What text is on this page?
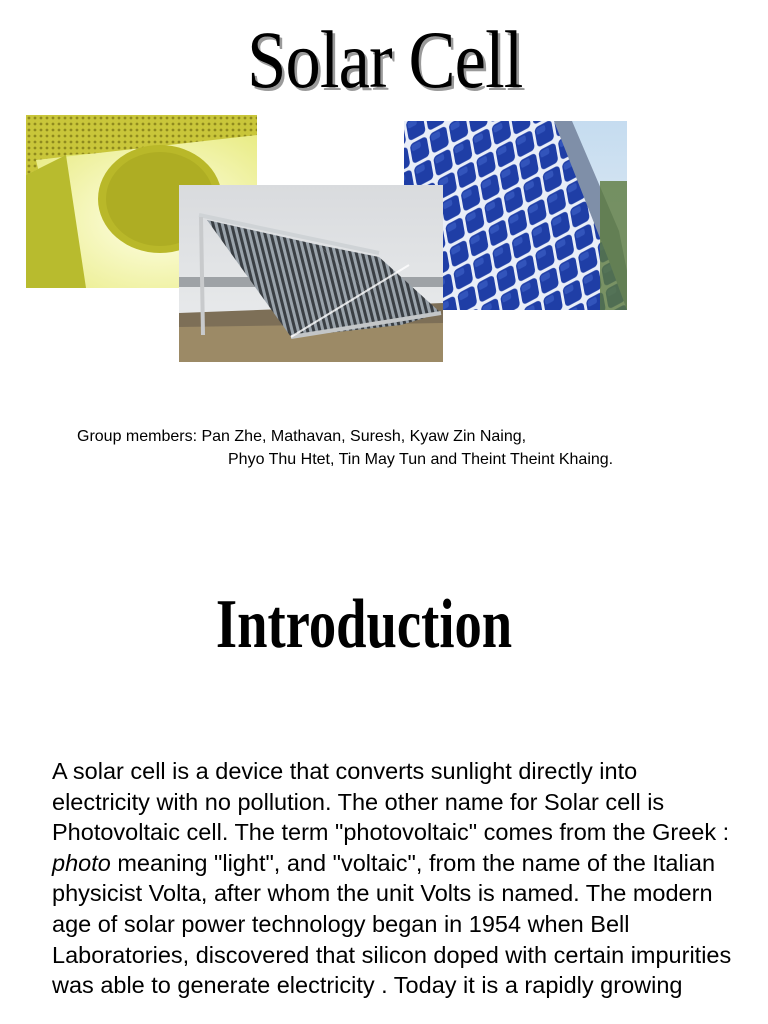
Solar Cell
Group members: Pan Zhe, Mathavan, Suresh, Kyaw Zin Naing,
Phyo Thu Htet, Tin May Tun and Theint Theint Khaing.
Introduction
A solar cell is a device that converts sunlight directly into electricity with no pollution. The other name for Solar cell is Photovoltaic cell. The term "photovoltaic" comes from the Greek : photo meaning "light", and "voltaic", from the name of the Italian physicist Volta, after whom the unit Volts is named. The modern age of solar power technology began in 1954 when Bell Laboratories, discovered that silicon doped with certain impurities was able to generate electricity . Today it is a rapidly growing
